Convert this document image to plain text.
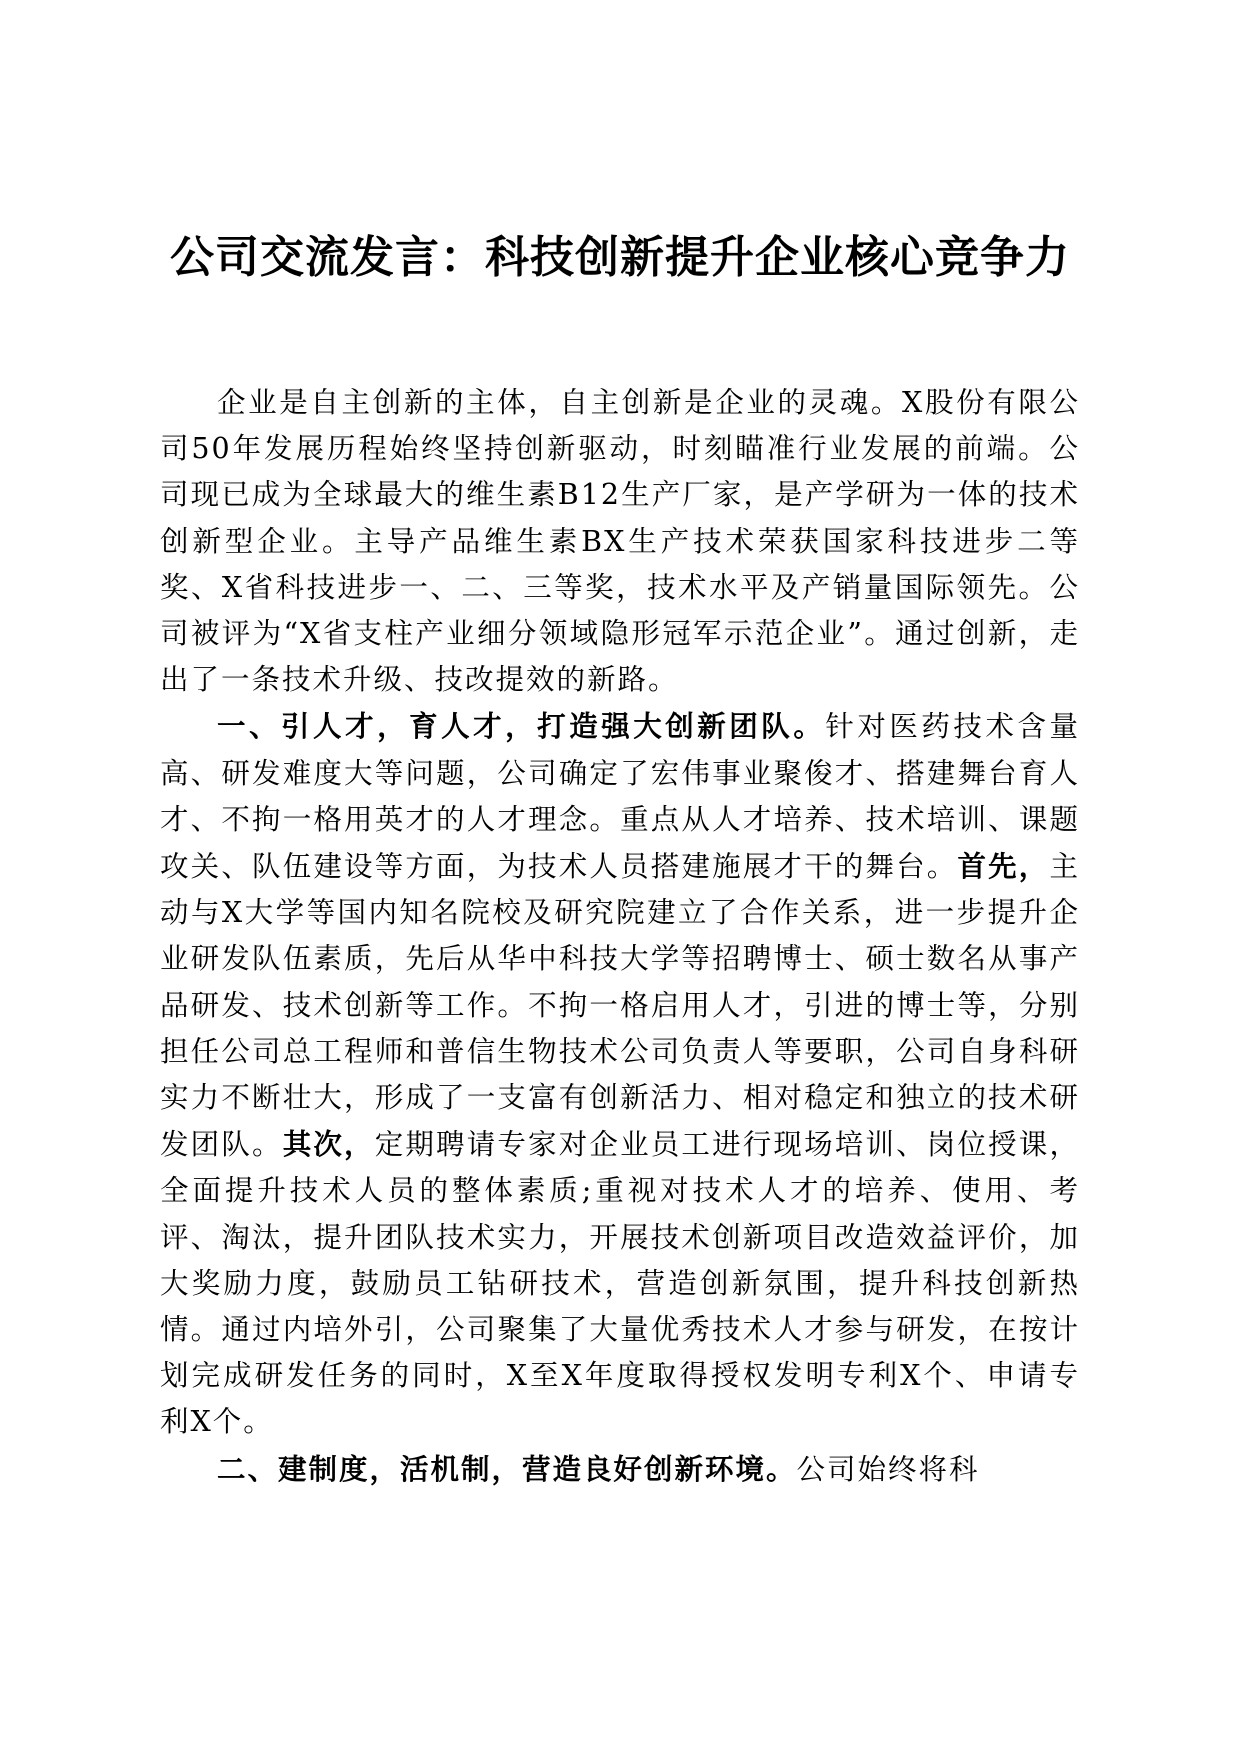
公司交流发言：科技创新提升企业核心竞争力

企业是自主创新的主体，自主创新是企业的灵魂。X股份有限公司50年发展历程始终坚持创新驱动，时刻瞄准行业发展的前端。公司现已成为全球最大的维生素B12生产厂家，是产学研为一体的技术创新型企业。主导产品维生素BX生产技术荣获国家科技进步二等奖、X省科技进步一、二、三等奖，技术水平及产销量国际领先。公司被评为“X省支柱产业细分领域隐形冠军示范企业”。通过创新，走出了一条技术升级、技改提效的新路。

一、引人才，育人才，打造强大创新团队。针对医药技术含量高、研发难度大等问题，公司确定了宏伟事业聚俊才、搭建舞台育人才、不拘一格用英才的人才理念。重点从人才培养、技术培训、课题攻关、队伍建设等方面，为技术人员搭建施展才干的舞台。首先，主动与X大学等国内知名院校及研究院建立了合作关系，进一步提升企业研发队伍素质，先后从华中科技大学等招聘博士、硕士数名从事产品研发、技术创新等工作。不拘一格启用人才，引进的博士等，分别担任公司总工程师和普信生物技术公司负责人等要职，公司自身科研实力不断壮大，形成了一支富有创新活力、相对稳定和独立的技术研发团队。其次，定期聘请专家对企业员工进行现场培训、岗位授课，全面提升技术人员的整体素质;重视对技术人才的培养、使用、考评、淘汰，提升团队技术实力，开展技术创新项目改造效益评价，加大奖励力度，鼓励员工钻研技术，营造创新氛围，提升科技创新热情。通过内培外引，公司聚集了大量优秀技术人才参与研发，在按计划完成研发任务的同时，X至X年度取得授权发明专利X个、申请专利X个。

二、建制度，活机制，营造良好创新环境。公司始终将科
